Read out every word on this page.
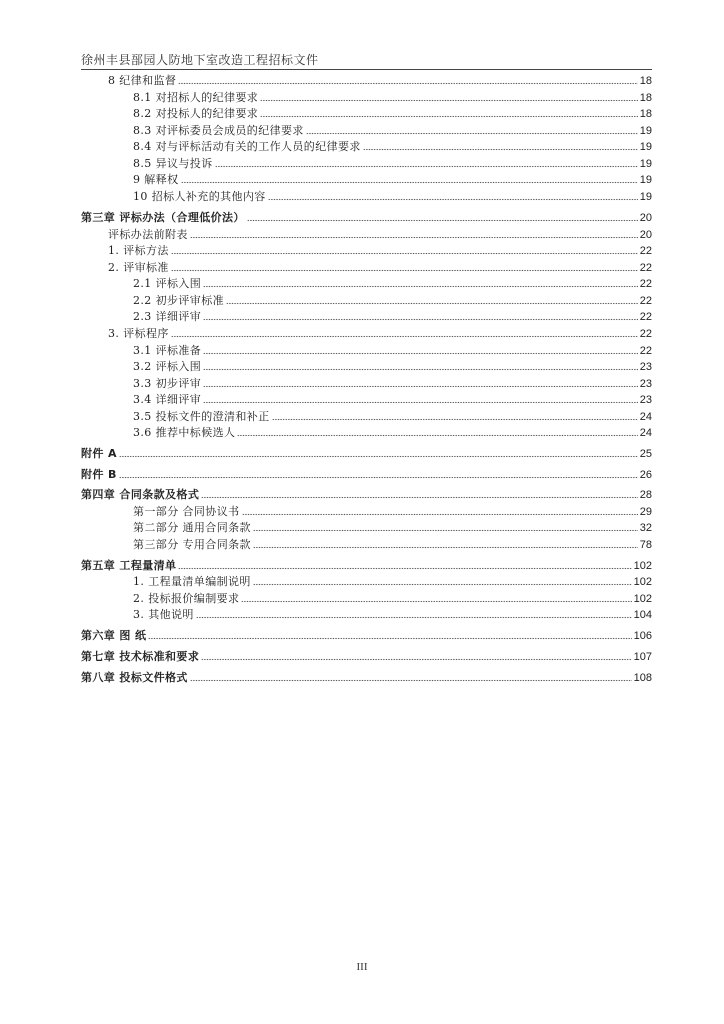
徐州丰县郚园人防地下室改造工程招标文件
8 纪律和监督	18
8.1 对招标人的纪律要求	18
8.2 对投标人的纪律要求	18
8.3 对评标委员会成员的纪律要求	19
8.4 对与评标活动有关的工作人员的纪律要求	19
8.5 异议与投诉	19
9 解释权	19
10 招标人补充的其他内容	19
第三章 评标办法（合理低价法）	20
评标办法前附表	20
1. 评标方法	22
2. 评审标准	22
2.1 评标入围	22
2.2 初步评审标准	22
2.3 详细评审	22
3. 评标程序	22
3.1 评标准备	22
3.2 评标入围	23
3.3 初步评审	23
3.4 详细评审	23
3.5 投标文件的澄清和补正	24
3.6 推荐中标候选人	24
附件 A	25
附件 B	26
第四章 合同条款及格式	28
第一部分 合同协议书	29
第二部分 通用合同条款	32
第三部分 专用合同条款	78
第五章 工程量清单	102
1. 工程量清单编制说明	102
2. 投标报价编制要求	102
3. 其他说明	104
第六章 图 纸	106
第七章 技术标准和要求	107
第八章 投标文件格式	108
III
